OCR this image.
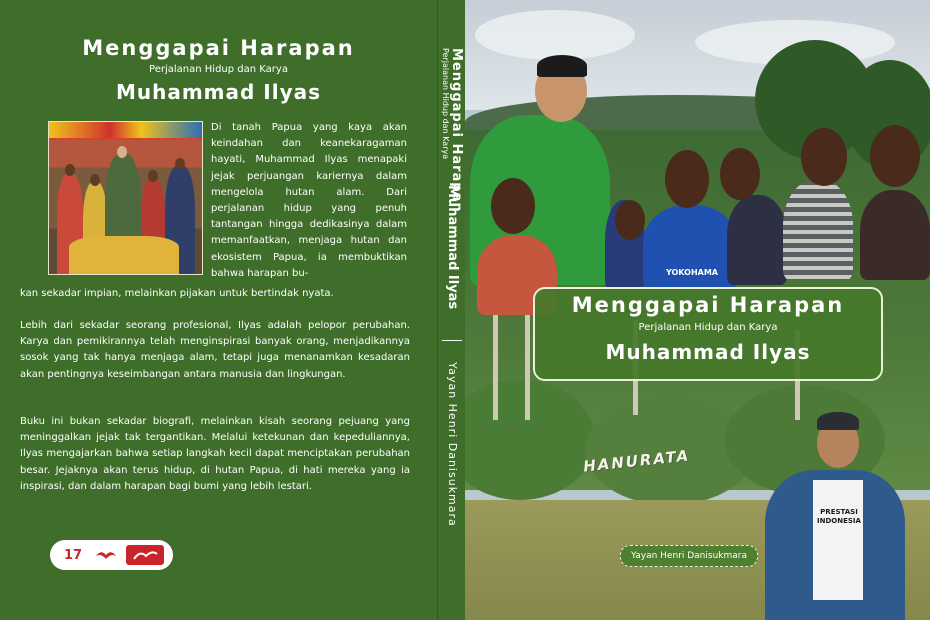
Menggapai Harapan
Perjalanan Hidup dan Karya
Muhammad Ilyas
Di tanah Papua yang kaya akan keindahan dan keanekaragaman hayati, Muhammad Ilyas menapaki jejak perjuangan kariernya dalam mengelola hutan alam. Dari perjalanan hidup yang penuh tantangan hingga dedikasinya dalam memanfaatkan, menjaga hutan dan ekosistem Papua, ia membuktikan bahwa harapan bu-
kan sekadar impian, melainkan pijakan untuk bertindak nyata.
Lebih dari sekadar seorang profesional, Ilyas adalah pelopor perubahan. Karya dan pemikirannya telah menginspirasi banyak orang, menjadikannya sosok yang tak hanya menjaga alam, tetapi juga menanamkan kesadaran akan pentingnya keseimbangan antara manusia dan lingkungan.
Buku ini bukan sekadar biografi, melainkan kisah seorang pejuang yang meninggalkan jejak tak tergantikan. Melalui ketekunan dan kepeduliannya, Ilyas mengajarkan bahwa setiap langkah kecil dapat menciptakan perubahan besar. Jejaknya akan terus hidup, di hutan Papua, di hati mereka yang ia inspirasi, dan dalam harapan bagi bumi yang lebih lestari.
17
Menggapai Harapan
Perjalanan Hidup dan Karya
Muhammad Ilyas
Yayan Henri Danisukmara
YOKOHAMA
HANURATA
Menggapai Harapan
Perjalanan Hidup dan Karya
Muhammad Ilyas
Yayan Henri Danisukmara
PRESTASI INDONESIA
